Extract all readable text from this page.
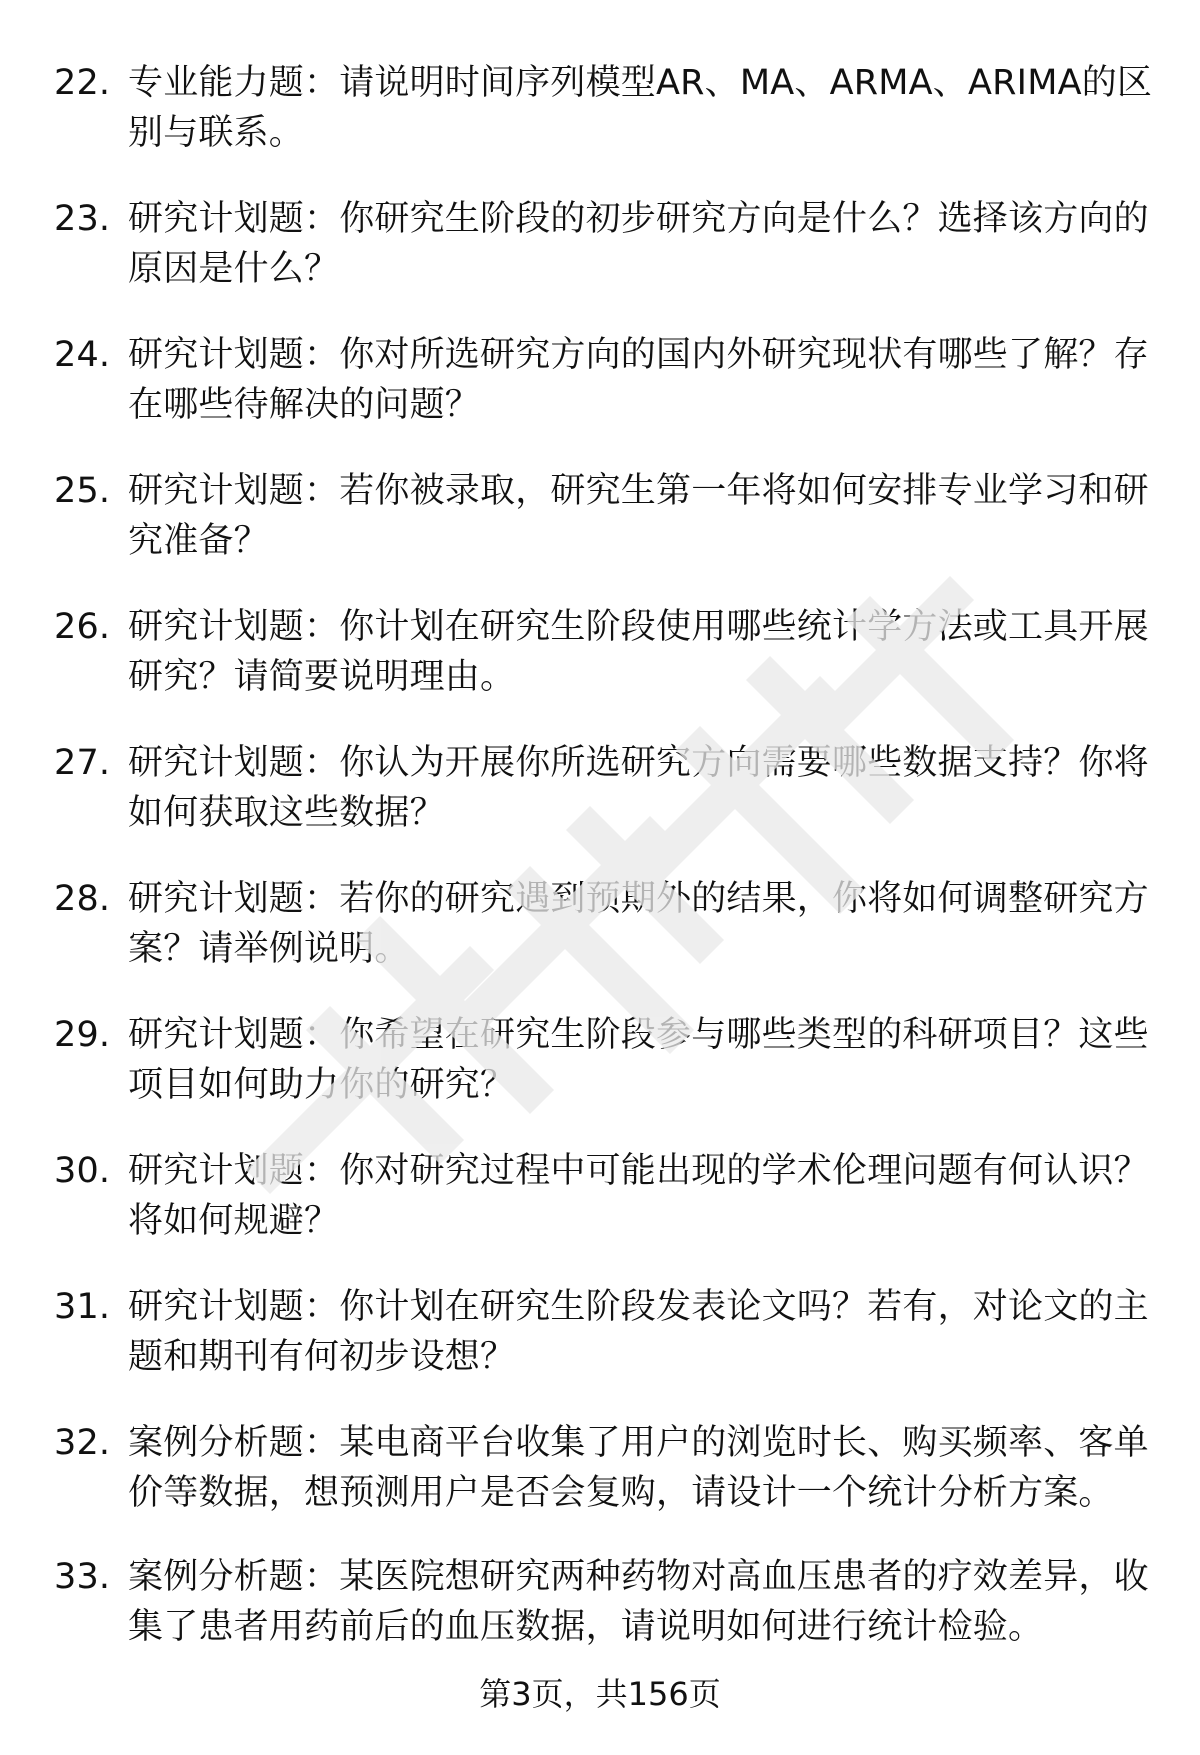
22. 专业能力题：请说明时间序列模型AR、MA、ARMA、ARIMA的区别与联系。
23. 研究计划题：你研究生阶段的初步研究方向是什么？选择该方向的原因是什么？
24. 研究计划题：你对所选研究方向的国内外研究现状有哪些了解？存在哪些待解决的问题？
25. 研究计划题：若你被录取，研究生第一年将如何安排专业学习和研究准备？
26. 研究计划题：你计划在研究生阶段使用哪些统计学方法或工具开展研究？请简要说明理由。
27. 研究计划题：你认为开展你所选研究方向需要哪些数据支持？你将如何获取这些数据？
28. 研究计划题：若你的研究遇到预期外的结果，你将如何调整研究方案？请举例说明。
29. 研究计划题：你希望在研究生阶段参与哪些类型的科研项目？这些项目如何助力你的研究？
30. 研究计划题：你对研究过程中可能出现的学术伦理问题有何认识？将如何规避？
31. 研究计划题：你计划在研究生阶段发表论文吗？若有，对论文的主题和期刊有何初步设想？
32. 案例分析题：某电商平台收集了用户的浏览时长、购买频率、客单价等数据，想预测用户是否会复购，请设计一个统计分析方案。
33. 案例分析题：某医院想研究两种药物对高血压患者的疗效差异，收集了患者用药前后的血压数据，请说明如何进行统计检验。
第3页，共156页
